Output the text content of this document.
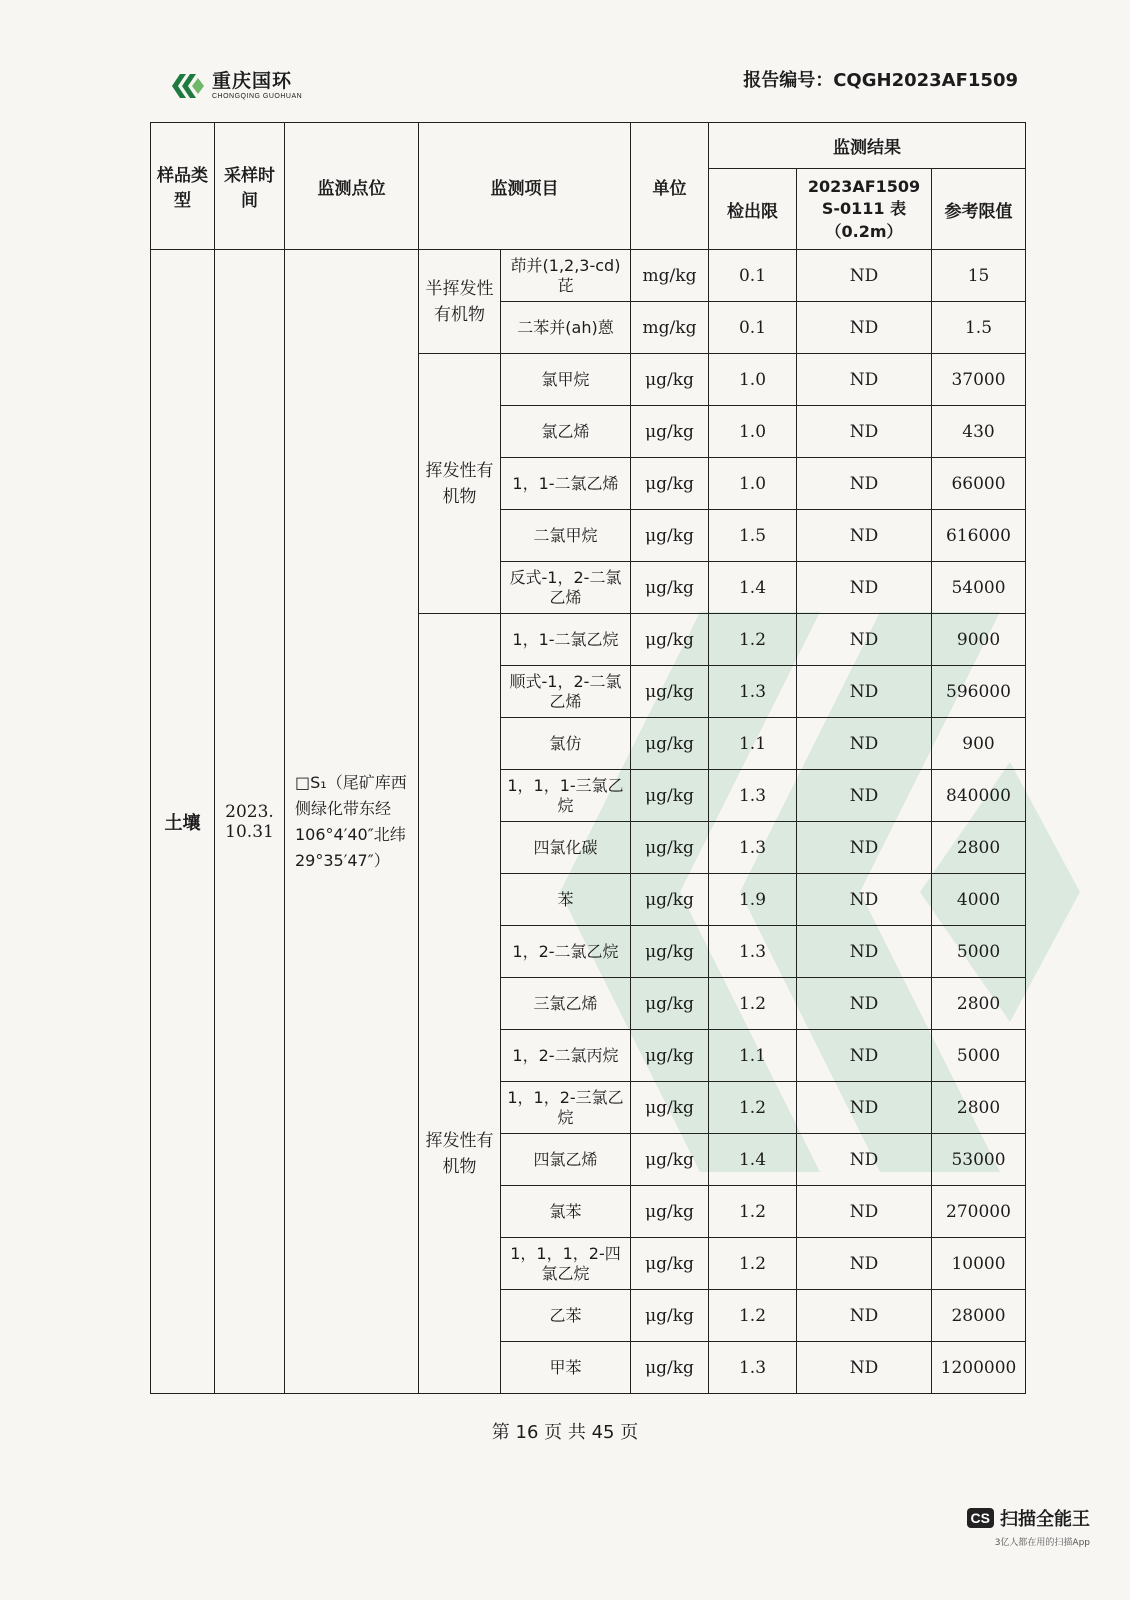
重庆国环
CHONGQING GUOHUAN
报告编号：CQGH2023AF1509
样品类型	采样时间	监测点位	监测项目		单位	监测结果		
						检出限	2023AF1509 S-0111 表 （0.2m）	参考限值
土壤	2023. 10.31	□S₁（尾矿库西侧绿化带东经106°4′40″北纬29°35′47″）	半挥发性有机物	茚并(1,2,3-cd)芘	mg/kg	0.1	ND	15
				二苯并(ah)蒽	mg/kg	0.1	ND	1.5
			挥发性有机物	氯甲烷	μg/kg	1.0	ND	37000
				氯乙烯	μg/kg	1.0	ND	430
				1，1-二氯乙烯	μg/kg	1.0	ND	66000
				二氯甲烷	μg/kg	1.5	ND	616000
				反式-1，2-二氯乙烯	μg/kg	1.4	ND	54000
			挥发性有机物	1，1-二氯乙烷	μg/kg	1.2	ND	9000
				顺式-1，2-二氯乙烯	μg/kg	1.3	ND	596000
				氯仿	μg/kg	1.1	ND	900
				1，1，1-三氯乙烷	μg/kg	1.3	ND	840000
				四氯化碳	μg/kg	1.3	ND	2800
				苯	μg/kg	1.9	ND	4000
				1，2-二氯乙烷	μg/kg	1.3	ND	5000
				三氯乙烯	μg/kg	1.2	ND	2800
				1，2-二氯丙烷	μg/kg	1.1	ND	5000
				1，1，2-三氯乙烷	μg/kg	1.2	ND	2800
				四氯乙烯	μg/kg	1.4	ND	53000
				氯苯	μg/kg	1.2	ND	270000
				1，1，1，2-四氯乙烷	μg/kg	1.2	ND	10000
				乙苯	μg/kg	1.2	ND	28000
				甲苯	μg/kg	1.3	ND	1200000
第 16 页 共 45 页
CS 扫描全能王
3亿人都在用的扫描App
